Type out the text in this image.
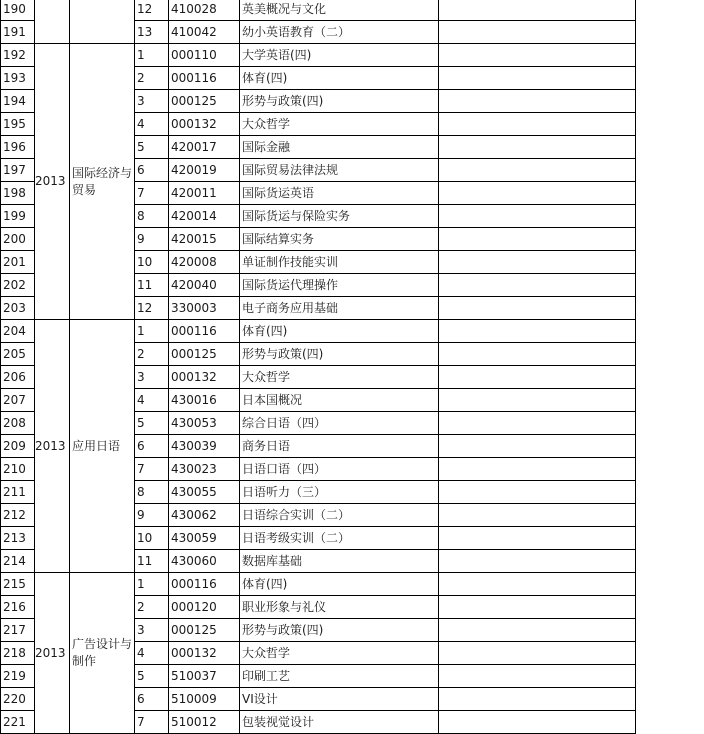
190			12	410028	英美概况与文化	
191			13	410042	幼小英语教育（二）	
192	2013	国际经济与贸易	1	000110	大学英语(四)	
193			2	000116	体育(四)	
194			3	000125	形势与政策(四)	
195			4	000132	大众哲学	
196			5	420017	国际金融	
197			6	420019	国际贸易法律法规	
198			7	420011	国际货运英语	
199			8	420014	国际货运与保险实务	
200			9	420015	国际结算实务	
201			10	420008	单证制作技能实训	
202			11	420040	国际货运代理操作	
203			12	330003	电子商务应用基础	
204	2013	应用日语	1	000116	体育(四)	
205			2	000125	形势与政策(四)	
206			3	000132	大众哲学	
207			4	430016	日本国概况	
208			5	430053	综合日语（四）	
209			6	430039	商务日语	
210			7	430023	日语口语（四）	
211			8	430055	日语听力（三）	
212			9	430062	日语综合实训（二）	
213			10	430059	日语考级实训（二）	
214			11	430060	数据库基础	
215	2013	广告设计与制作	1	000116	体育(四)	
216			2	000120	职业形象与礼仪	
217			3	000125	形势与政策(四)	
218			4	000132	大众哲学	
219			5	510037	印刷工艺	
220			6	510009	VI设计	
221			7	510012	包装视觉设计	
